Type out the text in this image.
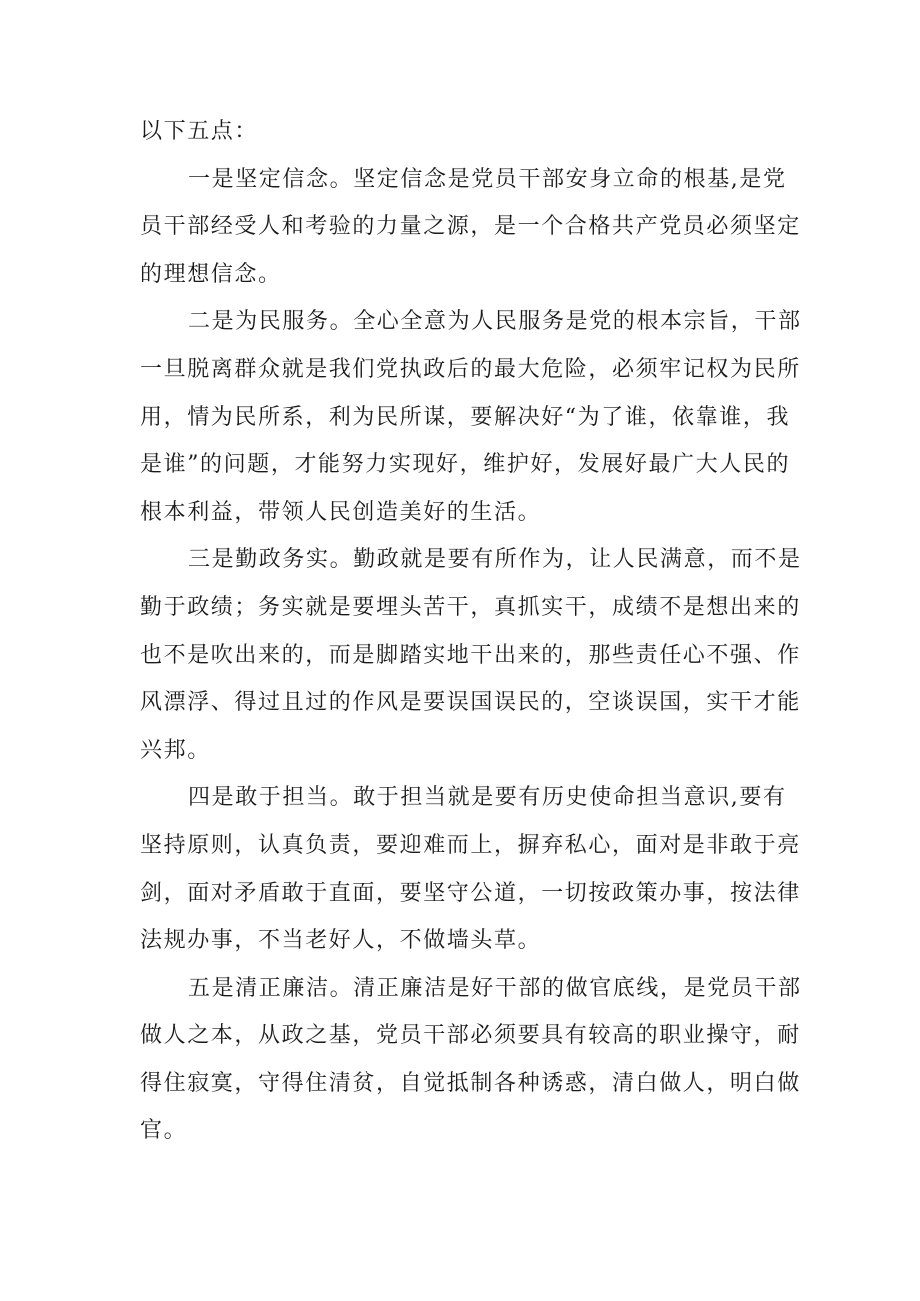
以下五点：
一是坚定信念。坚定信念是党员干部安身立命的根基,是党
员干部经受人和考验的力量之源，是一个合格共产党员必须坚定
的理想信念。
二是为民服务。全心全意为人民服务是党的根本宗旨，干部
一旦脱离群众就是我们党执政后的最大危险，必须牢记权为民所
用，情为民所系，利为民所谋，要解决好“为了谁，依靠谁，我
是谁”的问题，才能努力实现好，维护好，发展好最广大人民的
根本利益，带领人民创造美好的生活。
三是勤政务实。勤政就是要有所作为，让人民满意，而不是
勤于政绩；务实就是要埋头苦干，真抓实干，成绩不是想出来的
也不是吹出来的，而是脚踏实地干出来的，那些责任心不强、作
风漂浮、得过且过的作风是要误国误民的，空谈误国，实干才能
兴邦。
四是敢于担当。敢于担当就是要有历史使命担当意识,要有
坚持原则，认真负责，要迎难而上，摒弃私心，面对是非敢于亮
剑，面对矛盾敢于直面，要坚守公道，一切按政策办事，按法律
法规办事，不当老好人，不做墙头草。
五是清正廉洁。清正廉洁是好干部的做官底线，是党员干部
做人之本，从政之基，党员干部必须要具有较高的职业操守，耐
得住寂寞，守得住清贫，自觉抵制各种诱惑，清白做人，明白做
官。
